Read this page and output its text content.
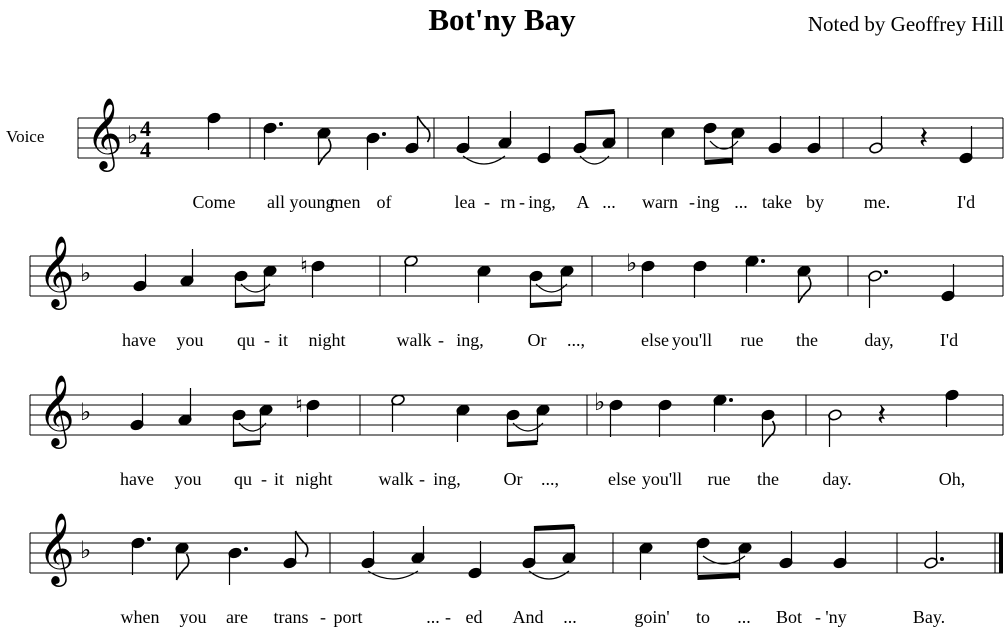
Bot'ny Bay	Noted by Geoffrey Hill
Voice 𝄞 ♭ 4
4	𝄽
Come all young
men of	lea - rn - ing, A ... warn - ing ... take by me.	I'd
𝄞 ♭	♮	♭
have you qu - it night	walk - ing, Or ...,	else you'll rue the	day,	I'd
𝄞 ♭	♮	♭	𝄽
have you qu - it night	walk - ing, Or ...,	else you'll rue the day.	Oh,
𝄞 ♭
when you are trans - port	... - ed And ...	goin' to ... Bot - 'ny	Bay.
